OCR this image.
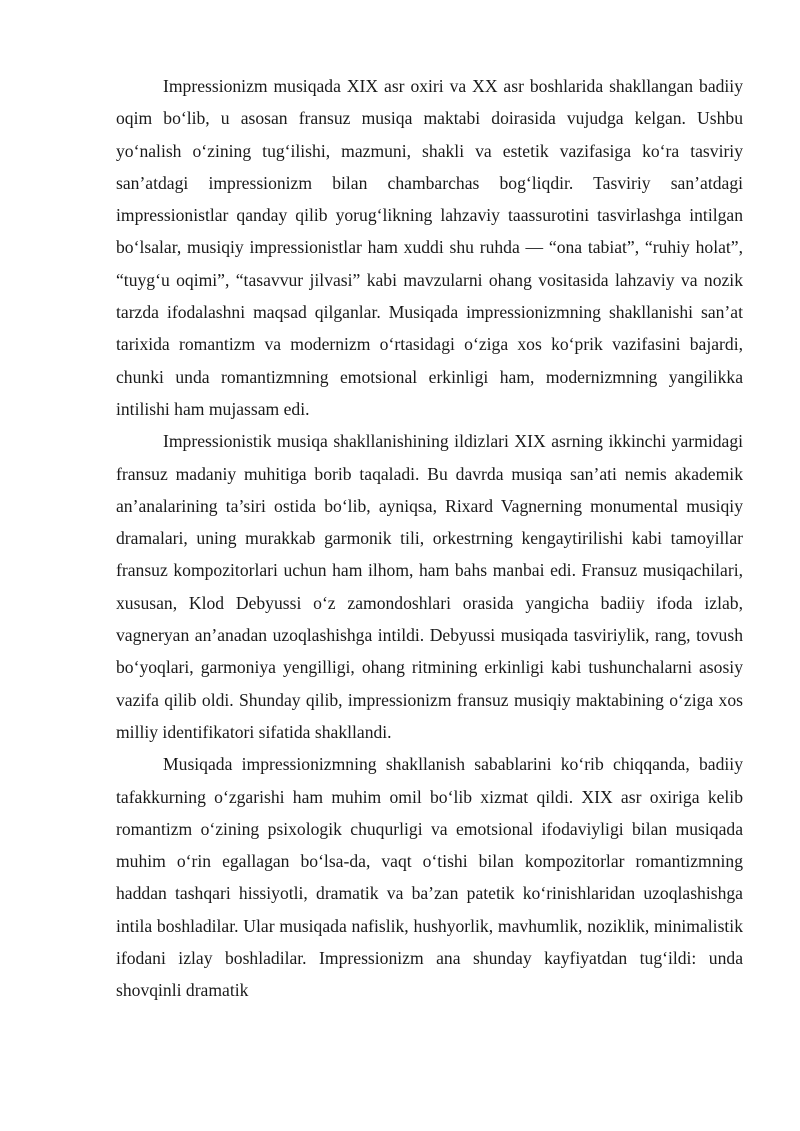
Impressionizm musiqada XIX asr oxiri va XX asr boshlarida shakllangan badiiy oqim bo‘lib, u asosan fransuz musiqa maktabi doirasida vujudga kelgan. Ushbu yo‘nalish o‘zining tug‘ilishi, mazmuni, shakli va estetik vazifasiga ko‘ra tasviriy san’atdagi impressionizm bilan chambarchas bog‘liqdir. Tasviriy san’atdagi impressionistlar qanday qilib yorug‘likning lahzaviy taassurotini tasvirlashga intilgan bo‘lsalar, musiqiy impressionistlar ham xuddi shu ruhda — “ona tabiat”, “ruhiy holat”, “tuyg‘u oqimi”, “tasavvur jilvasi” kabi mavzularni ohang vositasida lahzaviy va nozik tarzda ifodalashni maqsad qilganlar. Musiqada impressionizmning shakllanishi san’at tarixida romantizm va modernizm o‘rtasidagi o‘ziga xos ko‘prik vazifasini bajardi, chunki unda romantizmning emotsional erkinligi ham, modernizmning yangilikka intilishi ham mujassam edi.

Impressionistik musiqa shakllanishining ildizlari XIX asrning ikkinchi yarmidagi fransuz madaniy muhitiga borib taqaladi. Bu davrda musiqa san’ati nemis akademik an’analarining ta’siri ostida bo‘lib, ayniqsa, Rixard Vagnerning monumental musiqiy dramalari, uning murakkab garmonik tili, orkestrning kengaytirilishi kabi tamoyillar fransuz kompozitorlari uchun ham ilhom, ham bahs manbai edi. Fransuz musiqachilari, xususan, Klod Debyussi o‘z zamondoshlari orasida yangicha badiiy ifoda izlab, vagneryan an’anadan uzoqlashishga intildi. Debyussi musiqada tasviriylik, rang, tovush bo‘yoqlari, garmoniya yengilligi, ohang ritmining erkinligi kabi tushunchalarni asosiy vazifa qilib oldi. Shunday qilib, impressionizm fransuz musiqiy maktabining o‘ziga xos milliy identifikatori sifatida shakllandi.

Musiqada impressionizmning shakllanish sabablarini ko‘rib chiqqanda, badiiy tafakkurning o‘zgarishi ham muhim omil bo‘lib xizmat qildi. XIX asr oxiriga kelib romantizm o‘zining psixologik chuqurligi va emotsional ifodaviyligi bilan musiqada muhim o‘rin egallagan bo‘lsa-da, vaqt o‘tishi bilan kompozitorlar romantizmning haddan tashqari hissiyotli, dramatik va ba’zan patetik ko‘rinishlaridan uzoqlashishga intila boshladilar. Ular musiqada nafislik, hushyorlik, mavhumlik, noziklik, minimalistik ifodani izlay boshladilar. Impressionizm ana shunday kayfiyatdan tug‘ildi: unda shovqinli dramatik
